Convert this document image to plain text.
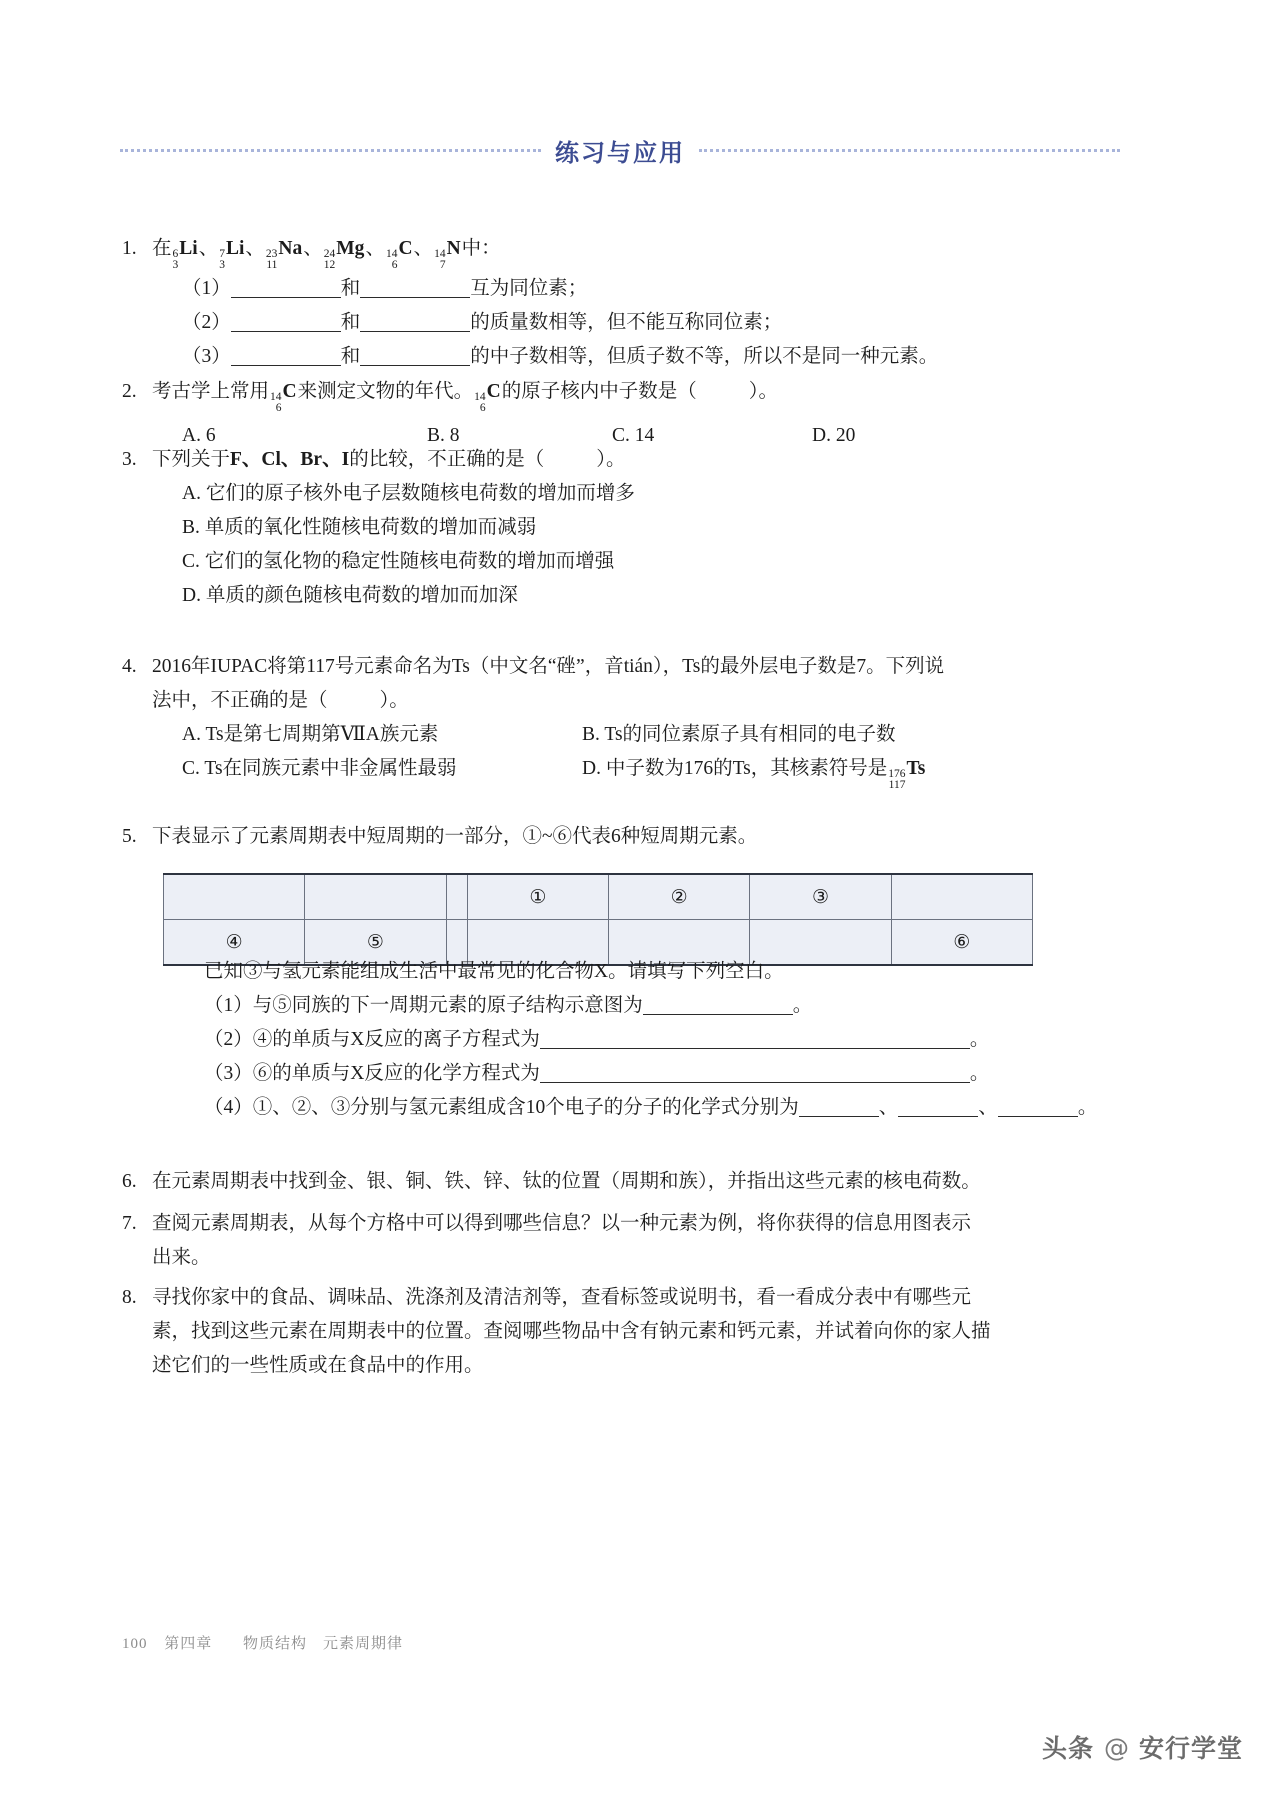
练习与应用
1. 在 6
3
Li、 7
3
Li、 23
11
Na、 24
12
Mg、 14
6
C、 14
7
N中：
（1）	和	互为同位素；
（2）	和	的质量数相等，但不能互称同位素；
（3）	和	的中子数相等，但质子数不等，所以不是同一种元素。
2. 考古学上常用 14
6
C来测定文物的年代。 14
6
C的原子核内中子数是（	）。
A. 6	B. 8	C. 14	D. 20
3. 下列关于F、Cl、Br、I的比较，不正确的是（	）。
A. 它们的原子核外电子层数随核电荷数的增加而增多
B. 单质的氧化性随核电荷数的增加而减弱
C. 它们的氢化物的稳定性随核电荷数的增加而增强
D. 单质的颜色随核电荷数的增加而加深
4. 2016年IUPAC将第117号元素命名为Ts（中文名“䂳”，音tián），Ts的最外层电子数是7。下列说
法中，不正确的是（	）。
A. Ts是第七周期第ⅦA族元素	B. Ts的同位素原子具有相同的电子数
C. Ts在同族元素中非金属性最弱	D. 中子数为176的Ts，其核素符号是 176
117
Ts
5. 下表显示了元素周期表中短周期的一部分，①~⑥代表6种短周期元素。
			①	②	③	
④	⑤					⑥
已知③与氢元素能组成生活中最常见的化合物X。请填写下列空白。
（1）与⑤同族的下一周期元素的原子结构示意图为	。
（2）④的单质与X反应的离子方程式为	。
（3）⑥的单质与X反应的化学方程式为	。
（4）①、②、③分别与氢元素组成含10个电子的分子的化学式分别为	、	、	。
6. 在元素周期表中找到金、银、铜、铁、锌、钛的位置（周期和族），并指出这些元素的核电荷数。
7. 查阅元素周期表，从每个方格中可以得到哪些信息？以一种元素为例，将你获得的信息用图表示
出来。
8. 寻找你家中的食品、调味品、洗涤剂及清洁剂等，查看标签或说明书，看一看成分表中有哪些元
素，找到这些元素在周期表中的位置。查阅哪些物品中含有钠元素和钙元素，并试着向你的家人描
述它们的一些性质或在食品中的作用。
100 第四章 物质结构　元素周期律
头条 @ 安行学堂
